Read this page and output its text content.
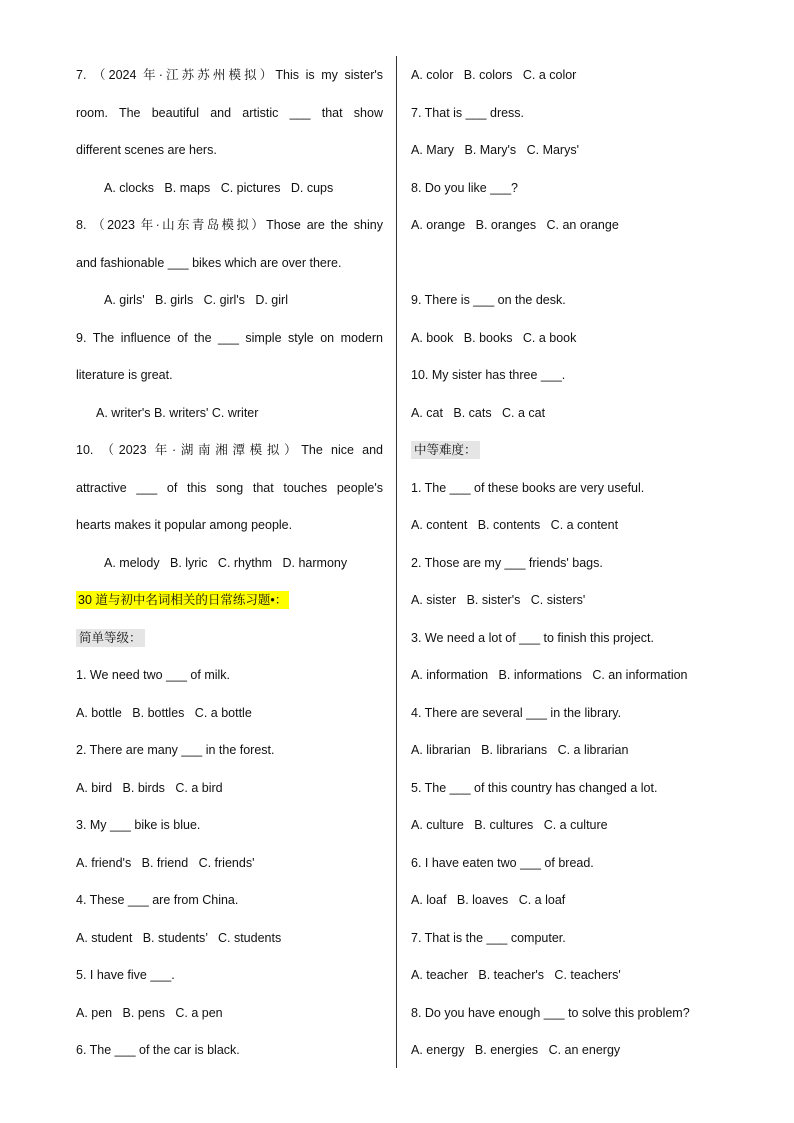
7. （2024 年·江苏苏州模拟）This is my sister's
room. The beautiful and artistic ___ that show
different scenes are hers.
A. clocks   B. maps   C. pictures   D. cups
8. （2023 年·山东青岛模拟）Those are the shiny
and fashionable ___ bikes which are over there.
A. girls'   B. girls   C. girl's   D. girl
9. The influence of the ___ simple style on modern
literature is great.
A. writer's B. writers' C. writer
10. （2023 年·湖南湘潭模拟）The nice and
attractive ___ of this song that touches people's
hearts makes it popular among people.
A. melody   B. lyric   C. rhythm   D. harmony
30 道与初中名词相关的日常练习题•：
简单等级：
1. We need two ___ of milk.
A. bottle   B. bottles   C. a bottle
2. There are many ___ in the forest.
A. bird   B. birds   C. a bird
3. My ___ bike is blue.
A. friend's   B. friend   C. friends'
4. These ___ are from China.
A. student   B. students’   C. students
5. I have five ___.
A. pen   B. pens   C. a pen
6. The ___ of the car is black.
A. color   B. colors   C. a color
7. That is ___ dress.
A. Mary   B. Mary's   C. Marys'
8. Do you like ___?
A. orange   B. oranges   C. an orange
9. There is ___ on the desk.
A. book   B. books   C. a book
10. My sister has three ___.
A. cat   B. cats   C. a cat
中等难度：
1. The ___ of these books are very useful.
A. content   B. contents   C. a content
2. Those are my ___ friends' bags.
A. sister   B. sister's   C. sisters'
3. We need a lot of ___ to finish this project.
A. information   B. informations   C. an information
4. There are several ___ in the library.
A. librarian   B. librarians   C. a librarian
5. The ___ of this country has changed a lot.
A. culture   B. cultures   C. a culture
6. I have eaten two ___ of bread.
A. loaf   B. loaves   C. a loaf
7. That is the ___ computer.
A. teacher   B. teacher's   C. teachers'
8. Do you have enough ___ to solve this problem?
A. energy   B. energies   C. an energy
